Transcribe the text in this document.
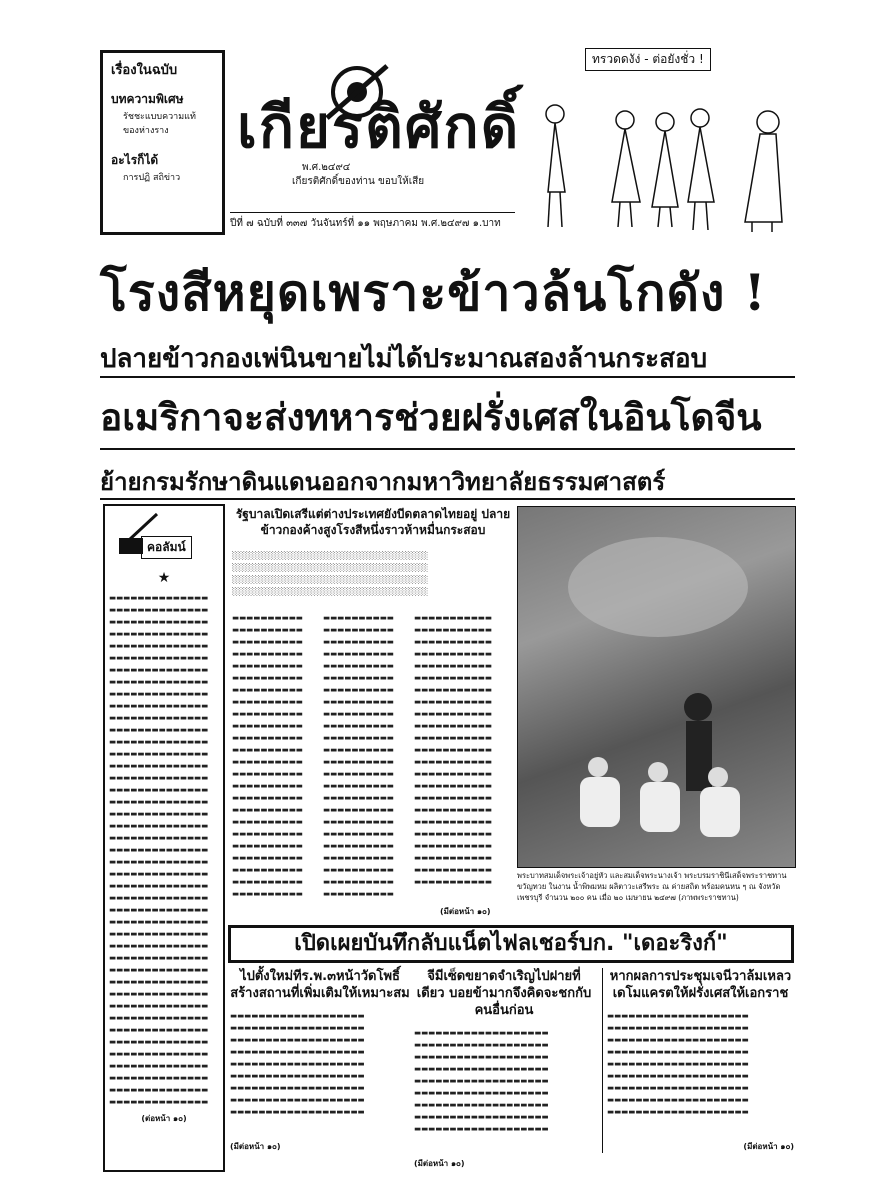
เรื่องในฉบับ
บทความพิเศษ
รัชชะแบบความแท้
ของห่างราง
อะไรก็ได้
การปฏิ สถิข่าว
เกียรติศักดิ์
พ.ศ.๒๔๙๔
เกียรติศักดิ์ของท่าน ขอบให้เสีย
ปีที่ ๗ ฉบับที่ ๓๓๗ วันจันทร์ที่ ๑๑ พฤษภาคม พ.ศ.๒๔๙๗ ๑.บาท
ทรวดดงัง่ - ต่อยังชั่ว !
โรงสีหยุดเพราะข้าวล้นโกดัง !
ปลายข้าวกองเพ่นินขายไม่ได้ประมาณสองล้านกระสอบ
อเมริกาจะส่งทหารช่วยฝรั่งเศสในอินโดจีน
ย้ายกรมรักษาดินแดนออกจากมหาวิทยาลัยธรรมศาสตร์
คอลัมน์
★
▬▬▬▬▬▬▬▬▬▬▬▬▬▬
▬▬▬▬▬▬▬▬▬▬▬▬▬▬
▬▬▬▬▬▬▬▬▬▬▬▬▬▬
▬▬▬▬▬▬▬▬▬▬▬▬▬▬
▬▬▬▬▬▬▬▬▬▬▬▬▬▬
▬▬▬▬▬▬▬▬▬▬▬▬▬▬
▬▬▬▬▬▬▬▬▬▬▬▬▬▬
▬▬▬▬▬▬▬▬▬▬▬▬▬▬
▬▬▬▬▬▬▬▬▬▬▬▬▬▬
▬▬▬▬▬▬▬▬▬▬▬▬▬▬
▬▬▬▬▬▬▬▬▬▬▬▬▬▬
▬▬▬▬▬▬▬▬▬▬▬▬▬▬
▬▬▬▬▬▬▬▬▬▬▬▬▬▬
▬▬▬▬▬▬▬▬▬▬▬▬▬▬
▬▬▬▬▬▬▬▬▬▬▬▬▬▬
▬▬▬▬▬▬▬▬▬▬▬▬▬▬
▬▬▬▬▬▬▬▬▬▬▬▬▬▬
▬▬▬▬▬▬▬▬▬▬▬▬▬▬
▬▬▬▬▬▬▬▬▬▬▬▬▬▬
▬▬▬▬▬▬▬▬▬▬▬▬▬▬
▬▬▬▬▬▬▬▬▬▬▬▬▬▬
▬▬▬▬▬▬▬▬▬▬▬▬▬▬
▬▬▬▬▬▬▬▬▬▬▬▬▬▬
▬▬▬▬▬▬▬▬▬▬▬▬▬▬
▬▬▬▬▬▬▬▬▬▬▬▬▬▬
▬▬▬▬▬▬▬▬▬▬▬▬▬▬
▬▬▬▬▬▬▬▬▬▬▬▬▬▬
▬▬▬▬▬▬▬▬▬▬▬▬▬▬
▬▬▬▬▬▬▬▬▬▬▬▬▬▬
▬▬▬▬▬▬▬▬▬▬▬▬▬▬
▬▬▬▬▬▬▬▬▬▬▬▬▬▬
▬▬▬▬▬▬▬▬▬▬▬▬▬▬
▬▬▬▬▬▬▬▬▬▬▬▬▬▬
▬▬▬▬▬▬▬▬▬▬▬▬▬▬
▬▬▬▬▬▬▬▬▬▬▬▬▬▬
▬▬▬▬▬▬▬▬▬▬▬▬▬▬
▬▬▬▬▬▬▬▬▬▬▬▬▬▬
▬▬▬▬▬▬▬▬▬▬▬▬▬▬
▬▬▬▬▬▬▬▬▬▬▬▬▬▬
▬▬▬▬▬▬▬▬▬▬▬▬▬▬
▬▬▬▬▬▬▬▬▬▬▬▬▬▬
▬▬▬▬▬▬▬▬▬▬▬▬▬▬
▬▬▬▬▬▬▬▬▬▬▬▬▬▬
(ต่อหน้า ๑๐)
รัฐบาลเปิดเสรีแต่ต่างประเทศยังบีดตลาดไทยอยู่ ปลายข้าวกองค้างสูงโรงสีหนึ่งราวห้าหมื่นกระสอบ
░░░░░░░░░░░░░░░░░░░░░░░░░░░░░░░░░░
░░░░░░░░░░░░░░░░░░░░░░░░░░░░░░░░░░
░░░░░░░░░░░░░░░░░░░░░░░░░░░░░░░░░░
░░░░░░░░░░░░░░░░░░░░░░░░░░░░░░░░░░
▬▬▬▬▬▬▬▬▬▬
▬▬▬▬▬▬▬▬▬▬
▬▬▬▬▬▬▬▬▬▬
▬▬▬▬▬▬▬▬▬▬
▬▬▬▬▬▬▬▬▬▬
▬▬▬▬▬▬▬▬▬▬
▬▬▬▬▬▬▬▬▬▬
▬▬▬▬▬▬▬▬▬▬
▬▬▬▬▬▬▬▬▬▬
▬▬▬▬▬▬▬▬▬▬
▬▬▬▬▬▬▬▬▬▬
▬▬▬▬▬▬▬▬▬▬
▬▬▬▬▬▬▬▬▬▬
▬▬▬▬▬▬▬▬▬▬
▬▬▬▬▬▬▬▬▬▬
▬▬▬▬▬▬▬▬▬▬
▬▬▬▬▬▬▬▬▬▬
▬▬▬▬▬▬▬▬▬▬
▬▬▬▬▬▬▬▬▬▬
▬▬▬▬▬▬▬▬▬▬
▬▬▬▬▬▬▬▬▬▬
▬▬▬▬▬▬▬▬▬▬
▬▬▬▬▬▬▬▬▬▬
▬▬▬▬▬▬▬▬▬▬
▬▬▬▬▬▬▬▬▬▬
▬▬▬▬▬▬▬▬▬▬
▬▬▬▬▬▬▬▬▬▬
▬▬▬▬▬▬▬▬▬▬
▬▬▬▬▬▬▬▬▬▬
▬▬▬▬▬▬▬▬▬▬
▬▬▬▬▬▬▬▬▬▬
▬▬▬▬▬▬▬▬▬▬
▬▬▬▬▬▬▬▬▬▬
▬▬▬▬▬▬▬▬▬▬
▬▬▬▬▬▬▬▬▬▬
▬▬▬▬▬▬▬▬▬▬
▬▬▬▬▬▬▬▬▬▬
▬▬▬▬▬▬▬▬▬▬
▬▬▬▬▬▬▬▬▬▬
▬▬▬▬▬▬▬▬▬▬
▬▬▬▬▬▬▬▬▬▬
▬▬▬▬▬▬▬▬▬▬
▬▬▬▬▬▬▬▬▬▬
▬▬▬▬▬▬▬▬▬▬
▬▬▬▬▬▬▬▬▬▬
▬▬▬▬▬▬▬▬▬▬
▬▬▬▬▬▬▬▬▬▬
▬▬▬▬▬▬▬▬▬▬
▬▬▬▬▬▬▬▬▬▬▬
▬▬▬▬▬▬▬▬▬▬▬
▬▬▬▬▬▬▬▬▬▬▬
▬▬▬▬▬▬▬▬▬▬▬
▬▬▬▬▬▬▬▬▬▬▬
▬▬▬▬▬▬▬▬▬▬▬
▬▬▬▬▬▬▬▬▬▬▬
▬▬▬▬▬▬▬▬▬▬▬
▬▬▬▬▬▬▬▬▬▬▬
▬▬▬▬▬▬▬▬▬▬▬
▬▬▬▬▬▬▬▬▬▬▬
▬▬▬▬▬▬▬▬▬▬▬
▬▬▬▬▬▬▬▬▬▬▬
▬▬▬▬▬▬▬▬▬▬▬
▬▬▬▬▬▬▬▬▬▬▬
▬▬▬▬▬▬▬▬▬▬▬
▬▬▬▬▬▬▬▬▬▬▬
▬▬▬▬▬▬▬▬▬▬▬
▬▬▬▬▬▬▬▬▬▬▬
▬▬▬▬▬▬▬▬▬▬▬
▬▬▬▬▬▬▬▬▬▬▬
▬▬▬▬▬▬▬▬▬▬▬
▬▬▬▬▬▬▬▬▬▬▬
(มีต่อหน้า ๑๐)
พระบาทสมเด็จพระเจ้าอยู่หัว และสมเด็จพระนางเจ้า พระบรมราชินีเสด็จพระราชทาน ขวัญทวย ในงาน น้ำพิพมหม ผลิตาวะเสรีพระ ณ ค่ายสถิต พร้อมคนหน ๆ ณ จังหวัดเพชรบุรี จำนวน ๒๐๐ คน เมื่อ ๒๐ เมษายน ๒๔๙๗ (ภาพพระราชทาน)
เปิดเผยบันทึกลับแน็ตไฟลเชอร์บก. "เดอะริงก์"
ไปตั้งใหม่ทีร.พ.๓หน้าวัดโพธิ์ สร้างสถานที่เพิ่มเติมให้เหมาะสม
▬▬▬▬▬▬▬▬▬▬▬▬▬▬▬▬▬▬▬
▬▬▬▬▬▬▬▬▬▬▬▬▬▬▬▬▬▬▬
▬▬▬▬▬▬▬▬▬▬▬▬▬▬▬▬▬▬▬
▬▬▬▬▬▬▬▬▬▬▬▬▬▬▬▬▬▬▬
▬▬▬▬▬▬▬▬▬▬▬▬▬▬▬▬▬▬▬
▬▬▬▬▬▬▬▬▬▬▬▬▬▬▬▬▬▬▬
▬▬▬▬▬▬▬▬▬▬▬▬▬▬▬▬▬▬▬
▬▬▬▬▬▬▬▬▬▬▬▬▬▬▬▬▬▬▬
▬▬▬▬▬▬▬▬▬▬▬▬▬▬▬▬▬▬▬
(มีต่อหน้า ๑๐)
จีมีเซ็ดขยาดจำเริญไปฝายที่เดียว บอยข้ามากจึงคิดจะชกกับคนอื่นก่อน
▬▬▬▬▬▬▬▬▬▬▬▬▬▬▬▬▬▬▬
▬▬▬▬▬▬▬▬▬▬▬▬▬▬▬▬▬▬▬
▬▬▬▬▬▬▬▬▬▬▬▬▬▬▬▬▬▬▬
▬▬▬▬▬▬▬▬▬▬▬▬▬▬▬▬▬▬▬
▬▬▬▬▬▬▬▬▬▬▬▬▬▬▬▬▬▬▬
▬▬▬▬▬▬▬▬▬▬▬▬▬▬▬▬▬▬▬
▬▬▬▬▬▬▬▬▬▬▬▬▬▬▬▬▬▬▬
▬▬▬▬▬▬▬▬▬▬▬▬▬▬▬▬▬▬▬
▬▬▬▬▬▬▬▬▬▬▬▬▬▬▬▬▬▬▬
(มีต่อหน้า ๑๐)
หากผลการประชุมเจนีวาล้มเหลว เดโมแครตให้ฝรั่งเศสให้เอกราช
▬▬▬▬▬▬▬▬▬▬▬▬▬▬▬▬▬▬▬▬
▬▬▬▬▬▬▬▬▬▬▬▬▬▬▬▬▬▬▬▬
▬▬▬▬▬▬▬▬▬▬▬▬▬▬▬▬▬▬▬▬
▬▬▬▬▬▬▬▬▬▬▬▬▬▬▬▬▬▬▬▬
▬▬▬▬▬▬▬▬▬▬▬▬▬▬▬▬▬▬▬▬
▬▬▬▬▬▬▬▬▬▬▬▬▬▬▬▬▬▬▬▬
▬▬▬▬▬▬▬▬▬▬▬▬▬▬▬▬▬▬▬▬
▬▬▬▬▬▬▬▬▬▬▬▬▬▬▬▬▬▬▬▬
▬▬▬▬▬▬▬▬▬▬▬▬▬▬▬▬▬▬▬▬
(มีต่อหน้า ๑๐)
